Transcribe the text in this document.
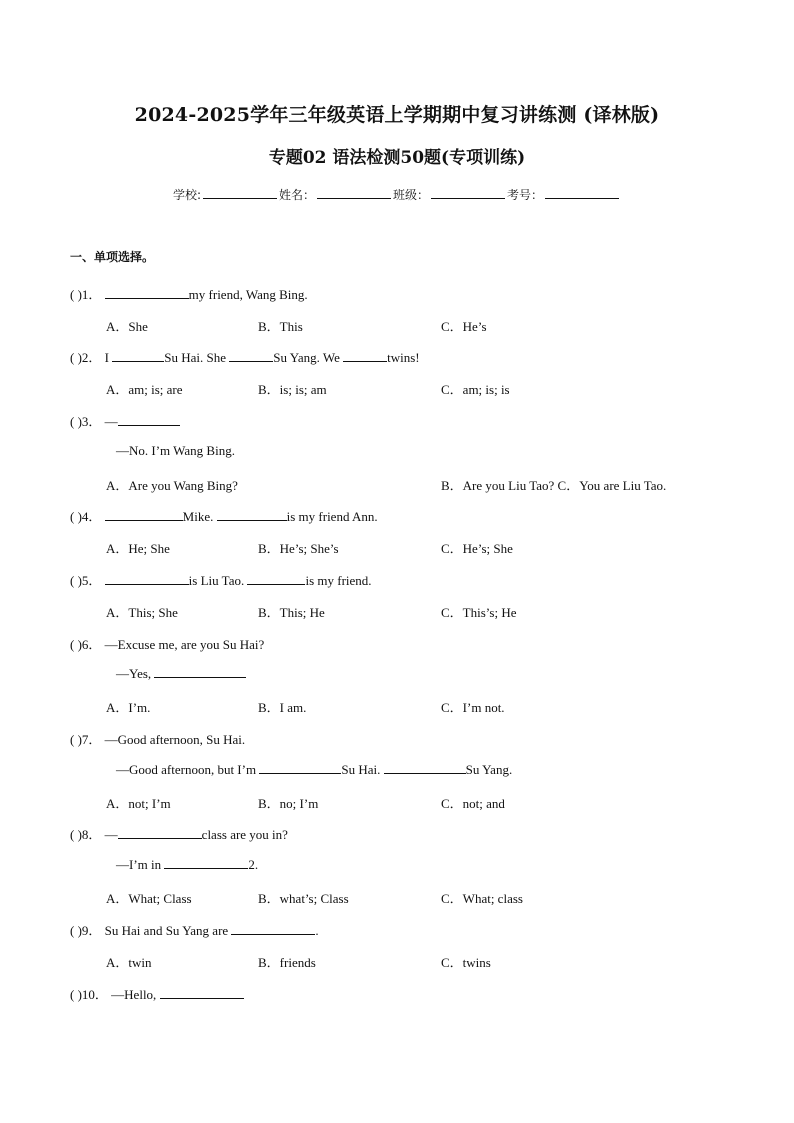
2024-2025学年三年级英语上学期期中复习讲练测 (译林版)
专题02 语法检测50题(专项训练)
学校:	姓名：	班级：	考号：
一、单项选择。
( )1．	my friend, Wang Bing.
A．She	B．This	C．He’s
( )2． I	Su Hai. She	Su Yang. We	twins!
A．am; is; are	B．is; is; am	C．am; is; is
( )3． —
—No. I’m Wang Bing.
A．Are you Wang Bing?	B．Are you Liu Tao? C．You are Liu Tao.
( )4．	Mike.	is my friend Ann.
A．He; She	B．He’s; She’s	C．He’s; She
( )5．	is Liu Tao.	is my friend.
A．This; She	B．This; He	C．This’s; He
( )6． —Excuse me, are you Su Hai?
—Yes,
A．I’m.	B．I am.	C．I’m not.
( )7． —Good afternoon, Su Hai.
—Good afternoon, but I’m	Su Hai.	Su Yang.
A．not; I’m	B．no; I’m	C．not; and
( )8． —	class are you in?
—I’m in	2.
A．What; Class	B．what’s; Class	C．What; class
( )9． Su Hai and Su Yang are	.
A．twin	B．friends	C．twins
( )10． —Hello,
